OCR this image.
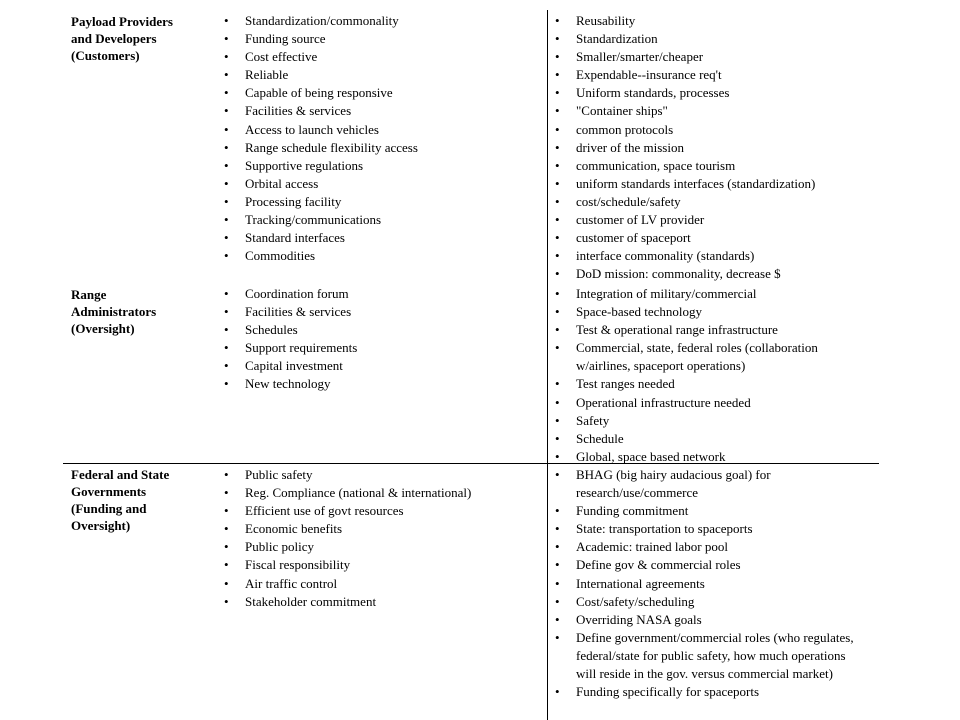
Payload Providers
and Developers
(Customers)
• Standardization/commonality
• Funding source
• Cost effective
• Reliable
• Capable of being responsive
• Facilities & services
• Access to launch vehicles
• Range schedule flexibility access
• Supportive regulations
• Orbital access
• Processing facility
• Tracking/communications
• Standard interfaces
• Commodities
• Reusability
• Standardization
• Smaller/smarter/cheaper
• Expendable--insurance req't
• Uniform standards, processes
• "Container ships"
• common protocols
• driver of the mission
• communication, space tourism
• uniform standards interfaces (standardization)
• cost/schedule/safety
• customer of LV provider
• customer of spaceport
• interface commonality (standards)
• DoD mission: commonality, decrease $
Range
Administrators
(Oversight)
• Coordination forum
• Facilities & services
• Schedules
• Support requirements
• Capital investment
• New technology
• Integration of military/commercial
• Space-based technology
• Test & operational range infrastructure
• Commercial, state, federal roles (collaboration w/airlines, spaceport operations)
• Test ranges needed
• Operational infrastructure needed
• Safety
• Schedule
• Global, space based network
Federal and State
Governments
(Funding and
Oversight)
• Public safety
• Reg. Compliance (national & international)
• Efficient use of govt resources
• Economic benefits
• Public policy
• Fiscal responsibility
• Air traffic control
• Stakeholder commitment
• BHAG (big hairy audacious goal) for research/use/commerce
• Funding commitment
• State: transportation to spaceports
• Academic: trained labor pool
• Define gov & commercial roles
• International agreements
• Cost/safety/scheduling
• Overriding NASA goals
• Define government/commercial roles (who regulates, federal/state for public safety, how much operations will reside in the gov. versus commercial market)
• Funding specifically for spaceports
